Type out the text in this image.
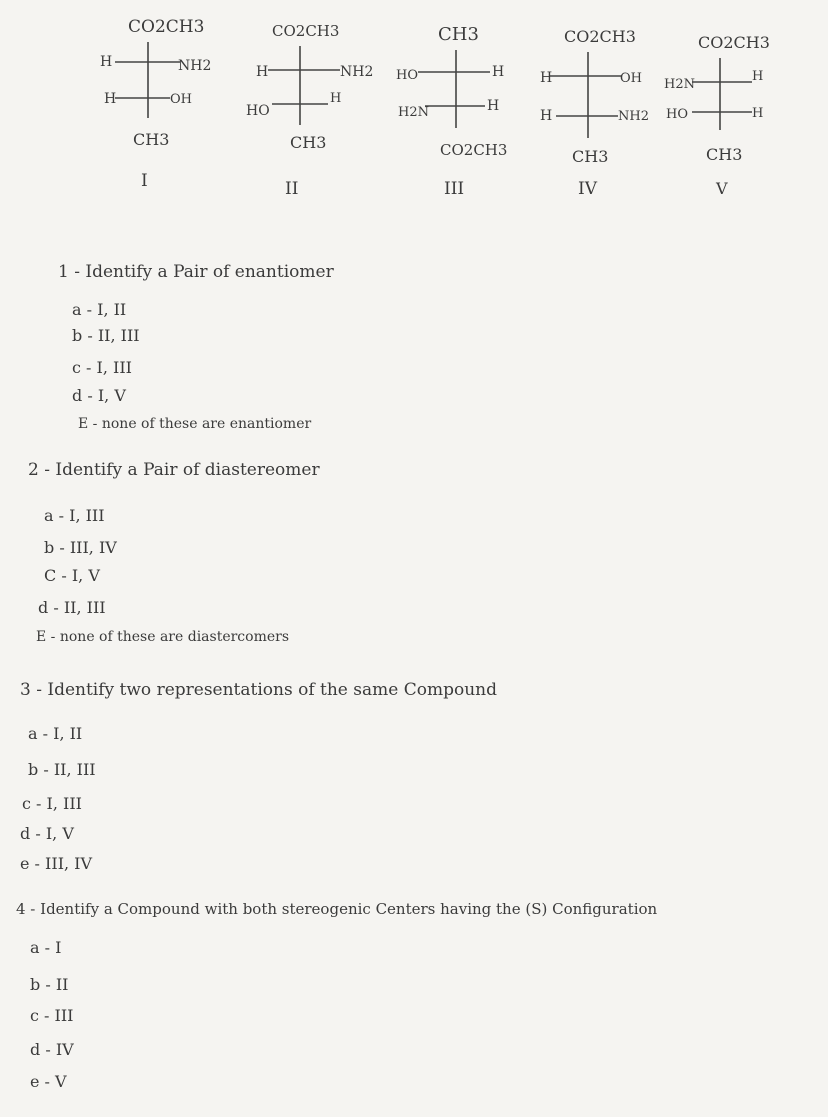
CO2CH3
H	NH2
H	OH
CH3
I
CO2CH3
H	NH2
HO
H
CH3
II
CH3
HO	H
H2N	H
CO2CH3
III
CO2CH3
H	OH
H	NH2
CH3
IV
CO2CH3
H2N
H
HO	H
CH3
V
1 - Identify a Pair of enantiomer
a - I, II
b - II, III
c - I, III
d - I, V
E - none of these are enantiomer
2 - Identify a Pair of diastereomer
a - I, III
b - III, IV
C - I, V
d - II, III
E - none of these are diastercomers
3 - Identify two representations of the same Compound
a - I, II
b - II, III
c - I, III
d - I, V
e - III, IV
4 - Identify a Compound with both stereogenic Centers having the (S) Configuration
a - I
b - II
c - III
d - IV
e - V
